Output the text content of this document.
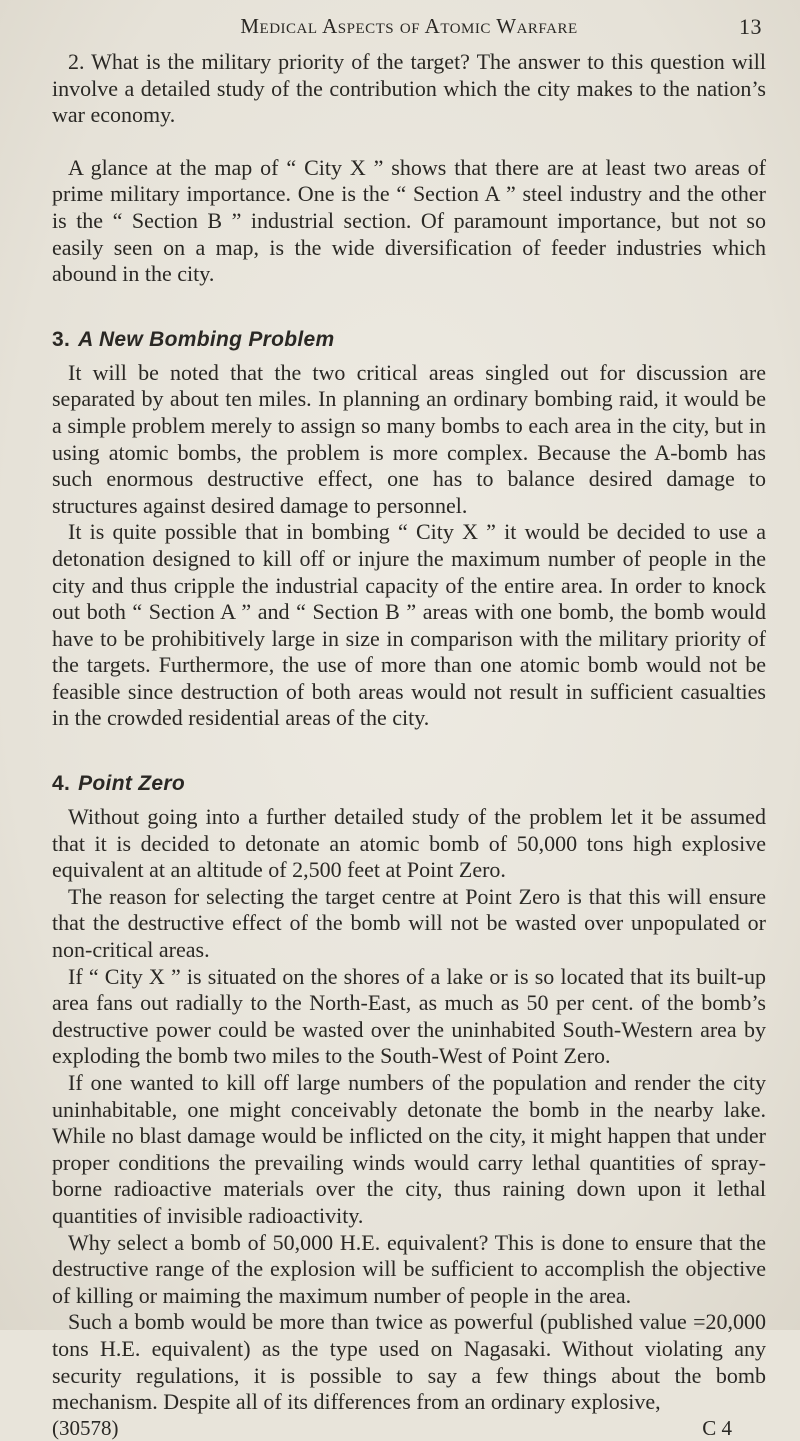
Medical Aspects of Atomic Warfare	13

2. What is the military priority of the target? The answer to this question will involve a detailed study of the contribution which the city makes to the nation’s war economy.

A glance at the map of “ City X ” shows that there are at least two areas of prime military importance. One is the “ Section A ” steel industry and the other is the “ Section B ” industrial section. Of paramount importance, but not so easily seen on a map, is the wide diversification of feeder industries which abound in the city.

3. A New Bombing Problem

It will be noted that the two critical areas singled out for discussion are separated by about ten miles. In planning an ordinary bombing raid, it would be a simple problem merely to assign so many bombs to each area in the city, but in using atomic bombs, the problem is more complex. Because the A-bomb has such enormous destructive effect, one has to balance desired damage to structures against desired damage to personnel.

It is quite possible that in bombing “ City X ” it would be decided to use a detonation designed to kill off or injure the maximum number of people in the city and thus cripple the industrial capacity of the entire area. In order to knock out both “ Section A ” and “ Section B ” areas with one bomb, the bomb would have to be prohibitively large in size in comparison with the military priority of the targets. Furthermore, the use of more than one atomic bomb would not be feasible since destruction of both areas would not result in sufficient casualties in the crowded residential areas of the city.

4. Point Zero

Without going into a further detailed study of the problem let it be assumed that it is decided to detonate an atomic bomb of 50,000 tons high explosive equivalent at an altitude of 2,500 feet at Point Zero.

The reason for selecting the target centre at Point Zero is that this will ensure that the destructive effect of the bomb will not be wasted over unpopulated or non-critical areas.

If “ City X ” is situated on the shores of a lake or is so located that its built-up area fans out radially to the North-East, as much as 50 per cent. of the bomb’s destructive power could be wasted over the uninhabited South-Western area by exploding the bomb two miles to the South-West of Point Zero.

If one wanted to kill off large numbers of the population and render the city uninhabitable, one might conceivably detonate the bomb in the nearby lake. While no blast damage would be inflicted on the city, it might happen that under proper conditions the prevailing winds would carry lethal quantities of spray-borne radioactive materials over the city, thus raining down upon it lethal quantities of invisible radioactivity.

Why select a bomb of 50,000 H.E. equivalent? This is done to ensure that the destructive range of the explosion will be sufficient to accomplish the objective of killing or maiming the maximum number of people in the area.

Such a bomb would be more than twice as powerful (published value =20,000 tons H.E. equivalent) as the type used on Nagasaki. Without violating any security regulations, it is possible to say a few things about the bomb mechanism. Despite all of its differences from an ordinary explosive,

(30578)	C 4
